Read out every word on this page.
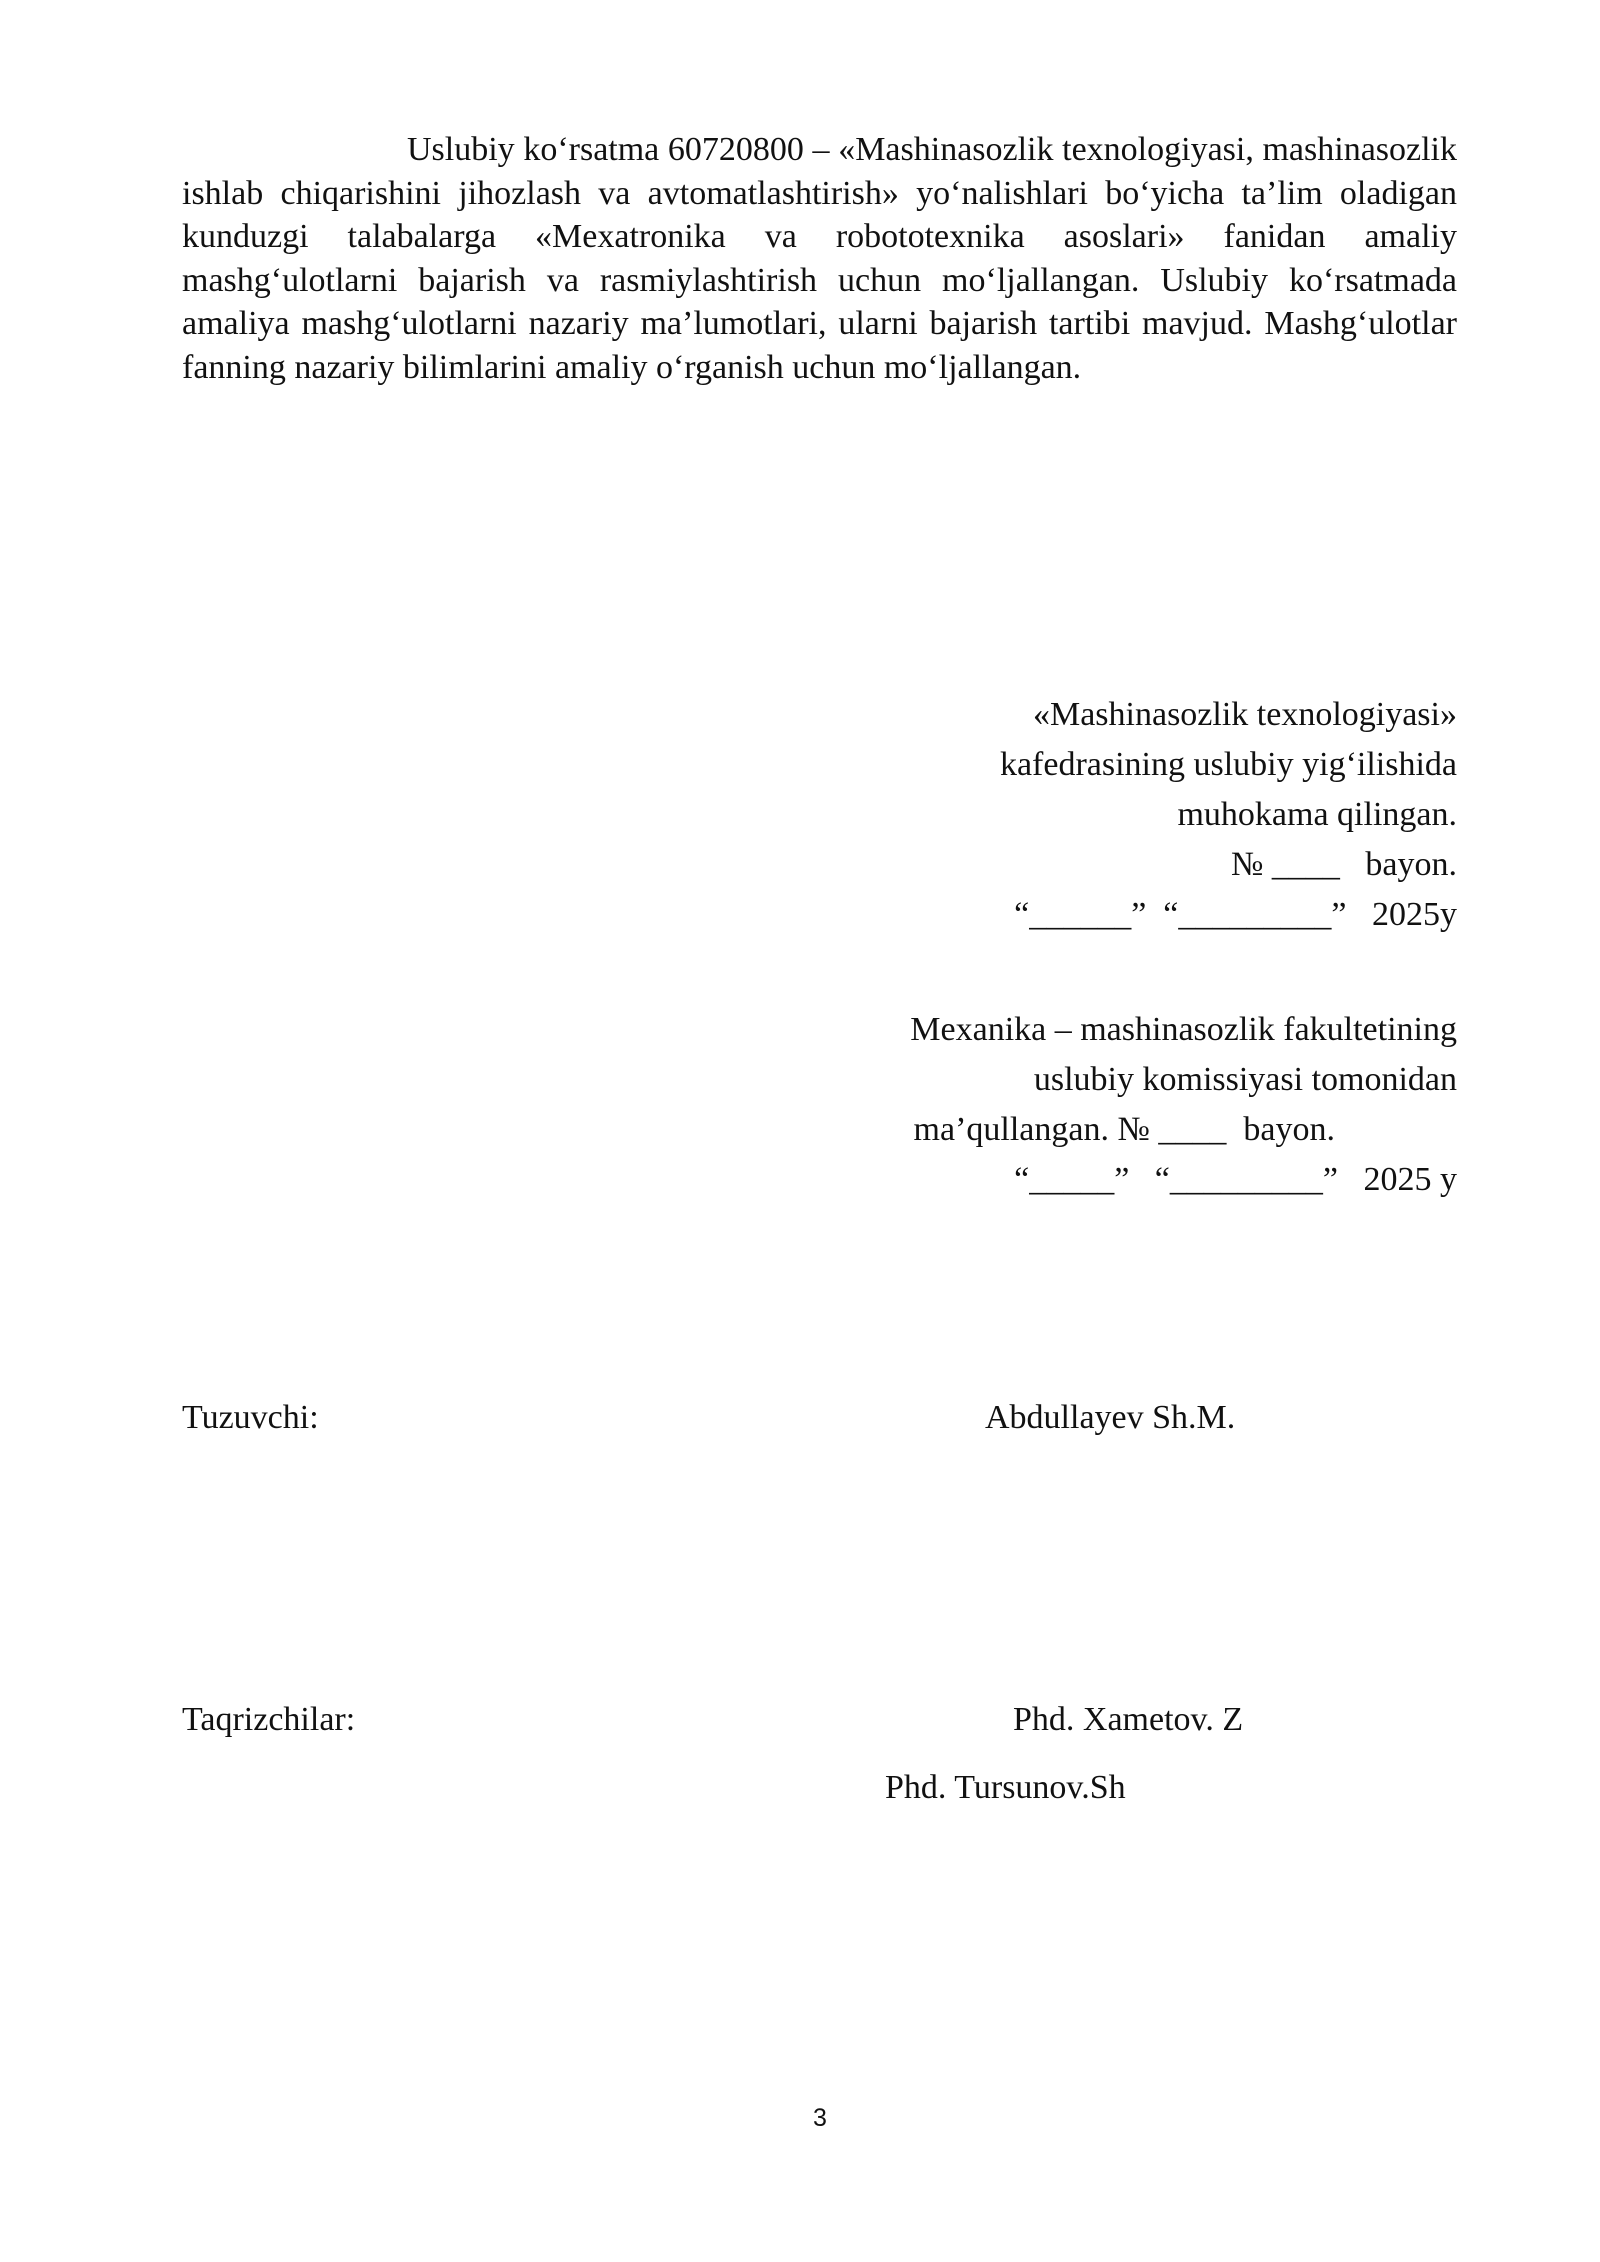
Uslubiy ko‘rsatma 60720800 – «Mashinasozlik texnologiyasi, mashinasozlik ishlab chiqarishini jihozlash va avtomatlashtirish» yo‘nalishlari bo‘yicha ta’lim oladigan kunduzgi talabalarga «Mexatronika va robototexnika asoslari» fanidan amaliy mashg‘ulotlarni bajarish va rasmiylashtirish uchun mo‘ljallangan. Uslubiy ko‘rsatmada amaliya mashg‘ulotlarni nazariy ma’lumotlari, ularni bajarish tartibi mavjud. Mashg‘ulotlar fanning nazariy bilimlarini amaliy o‘rganish uchun mo‘ljallangan.

«Mashinasozlik texnologiyasi»
kafedrasining uslubiy yig‘ilishida
muhokama qilingan.
№ ____   bayon.
“______”  “_________”   2025y
Mexanika – mashinasozlik fakultetining
uslubiy komissiyasi tomonidan
ma’qullangan. № ____  bayon.
“_____”   “_________”   2025 y
Tuzuvchi:	Abdullayev Sh.M.
Taqrizchilar:	Phd. Xametov. Z
Phd. Tursunov.Sh
3
